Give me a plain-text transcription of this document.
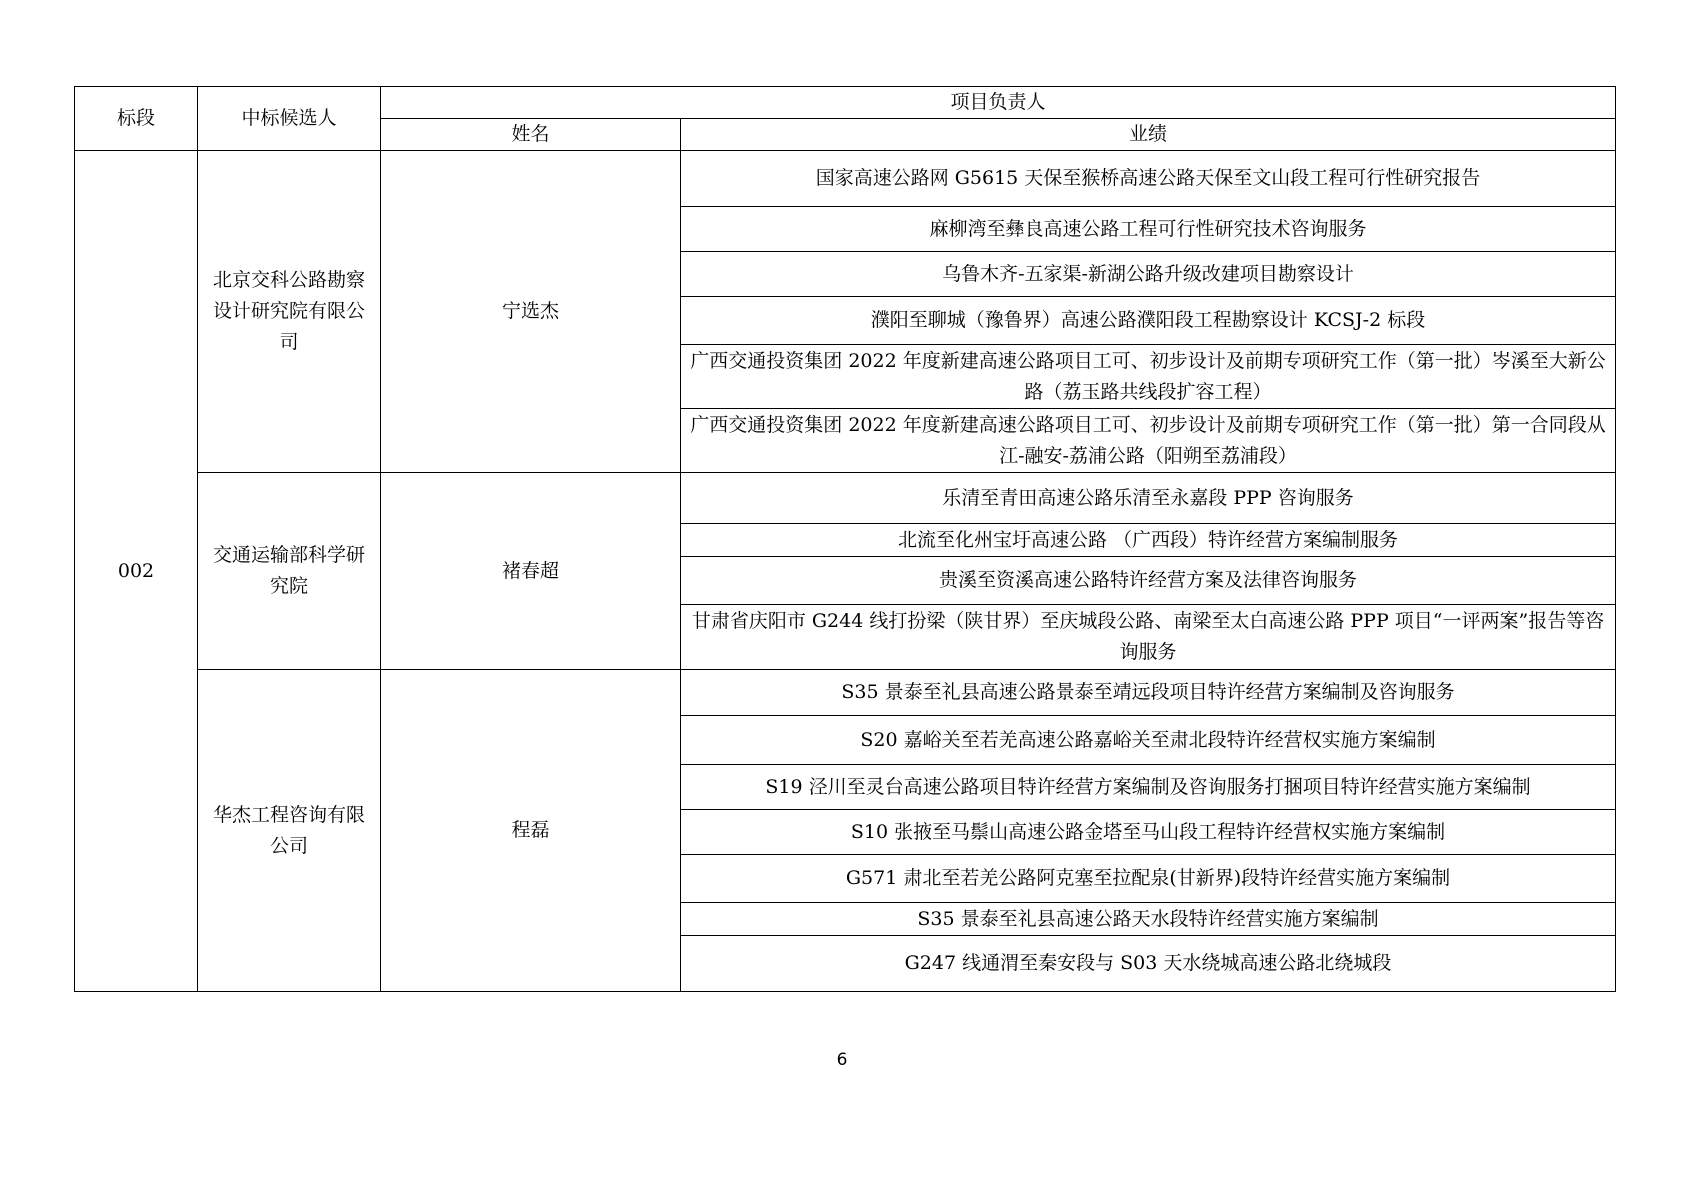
标段	中标候选人	项目负责人	
		姓名	业绩
002	北京交科公路勘察设计研究院有限公司	宁选杰	国家高速公路网 G5615 天保至猴桥高速公路天保至文山段工程可行性研究报告
			麻柳湾至彝良高速公路工程可行性研究技术咨询服务
			乌鲁木齐-五家渠-新湖公路升级改建项目勘察设计
			濮阳至聊城（豫鲁界）高速公路濮阳段工程勘察设计 KCSJ-2 标段
			广西交通投资集团 2022 年度新建高速公路项目工可、初步设计及前期专项研究工作（第一批）岑溪至大新公路（荔玉路共线段扩容工程）
			广西交通投资集团 2022 年度新建高速公路项目工可、初步设计及前期专项研究工作（第一批）第一合同段从江-融安-荔浦公路（阳朔至荔浦段）
	交通运输部科学研究院	褚春超	乐清至青田高速公路乐清至永嘉段 PPP 咨询服务
			北流至化州宝圩高速公路 （广西段）特许经营方案编制服务
			贵溪至资溪高速公路特许经营方案及法律咨询服务
			甘肃省庆阳市 G244 线打扮梁（陕甘界）至庆城段公路、南梁至太白高速公路 PPP 项目“一评两案”报告等咨询服务
	华杰工程咨询有限公司	程磊	S35 景泰至礼县高速公路景泰至靖远段项目特许经营方案编制及咨询服务
			S20 嘉峪关至若羌高速公路嘉峪关至肃北段特许经营权实施方案编制
			S19 泾川至灵台高速公路项目特许经营方案编制及咨询服务打捆项目特许经营实施方案编制
			S10 张掖至马鬃山高速公路金塔至马山段工程特许经营权实施方案编制
			G571 肃北至若羌公路阿克塞至拉配泉(甘新界)段特许经营实施方案编制
			S35 景泰至礼县高速公路天水段特许经营实施方案编制
			G247 线通渭至秦安段与 S03 天水绕城高速公路北绕城段
6
